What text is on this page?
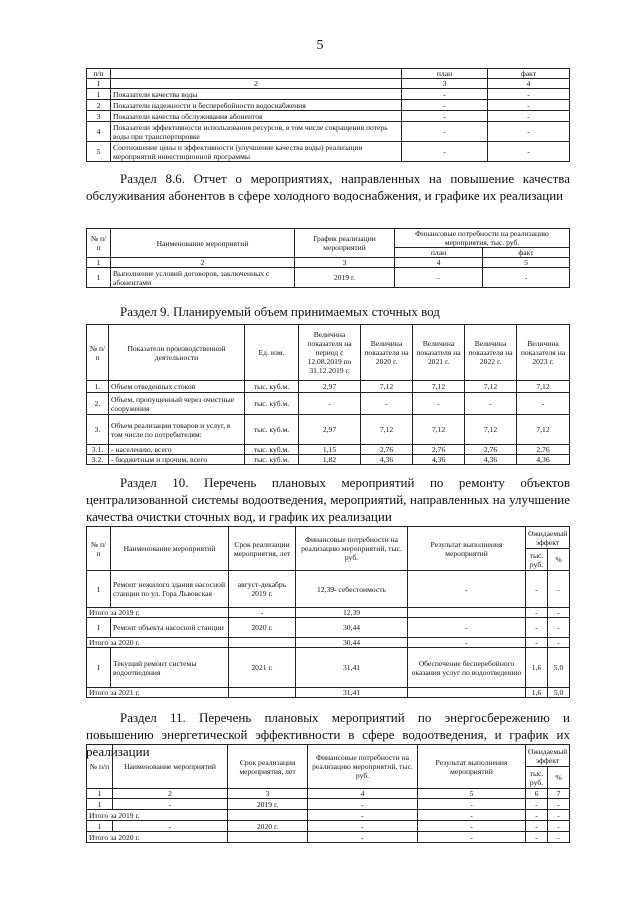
5
п/п		план	факт
1	2	3	4
1	Показатели качества воды	-	-
2	Показатели надежности и бесперебойности водоснабжения	-	-
3	Показатели качества обслуживания абонентов	-	-
4	Показатели эффективности использования ресурсов, в том числе сокращения потерь воды при транспортировке	-	-
5	Соотношение цены и эффективности (улучшение качества воды) реализации мероприятий инвестиционной программы	-	-
Раздел 8.6. Отчет о мероприятиях, направленных на повышение качества обслуживания абонентов в сфере холодного водоснабжения, и графике их реализации
№ п/п	Наименование мероприятий	График реализации мероприятий	Финансовые потребности на реализацию мероприятия, тыс. руб.	
			план	факт
1	2	3	4	5
1	Выполнение условий договоров, заключенных с абонентами	2019 г.	-	-
Раздел 9. Планируемый объем принимаемых сточных вод
№ п/п	Показатели производственной деятельности	Ед. изм.	Величина показателя на период с 12.08.2019 по 31.12.2019 г.	Величина показателя на 2020 г.	Величина показателя на 2021 г.	Величина показателя на 2022 г.	Величина показателя на 2023 г.
1.	Объем отведенных стоков	тыс. куб.м.	2,97	7,12	7,12	7,12	7,12
2.	Объем, пропущенный через очистные сооружения	тыс. куб.м.	-	-	-	-	-
3.	Объем реализации товаров и услуг, в том числе по потребителям:	тыс. куб.м.	2,97	7,12	7,12	7,12	7,12
3.1.	- населению, всего	тыс. куб.м.	1,15	2,76	2,76	2,76	2,76
3.2.	- бюджетным и прочим, всего	тыс. куб.м.	1,82	4,36	4,36	4,36	4,36
Раздел 10. Перечень плановых мероприятий по ремонту объектов централизованной системы водоотведения, мероприятий, направленных на улучшение качества очистки сточных вод, и график их реализации
№ п/п	Наименование мероприятий	Срок реализации мероприятия, лет	Финансовые потребности на реализацию мероприятий, тыс. руб.	Результат выполнения мероприятий	Ожидаемый эффект	
					тыс. руб.	%
1	Ремонт нежилого здания насосной станции по ул. Гора Львовская	август-декабрь 2019 г.	12,39- себестоимость	-	-	-
Итого за 2019 г.		-	12,39		-	-
1	Ремонт объекта насосной станции	2020 г.	30,44	-	-	-
Итого за 2020 г.			30,44	-	-	-
1	Текущий ремонт системы водоотведения	2021 г.	31,41	Обеспечение бесперебойного оказания услуг по водоотведению	1,6	5,0
Итого за 2021 г.			31,41		1,6	5,0
Раздел 11. Перечень плановых мероприятий по энергосбережению и повышению энергетической эффективности в сфере водоотведения, и график их реализации
№ п/п	Наименование мероприятий	Срок реализации мероприятия, лет	Финансовые потребности на реализацию мероприятий, тыс. руб.	Результат выполнения мероприятий	Ожидаемый эффект	
					тыс. руб.	%
1	2	3	4	5	6	7
1	-	2019 г.	-	-	-	-
Итого за 2019 г.			-	-	-	-
1	-	2020 г.	-	-	-	-
Итого за 2020 г.			-	-	-	-
